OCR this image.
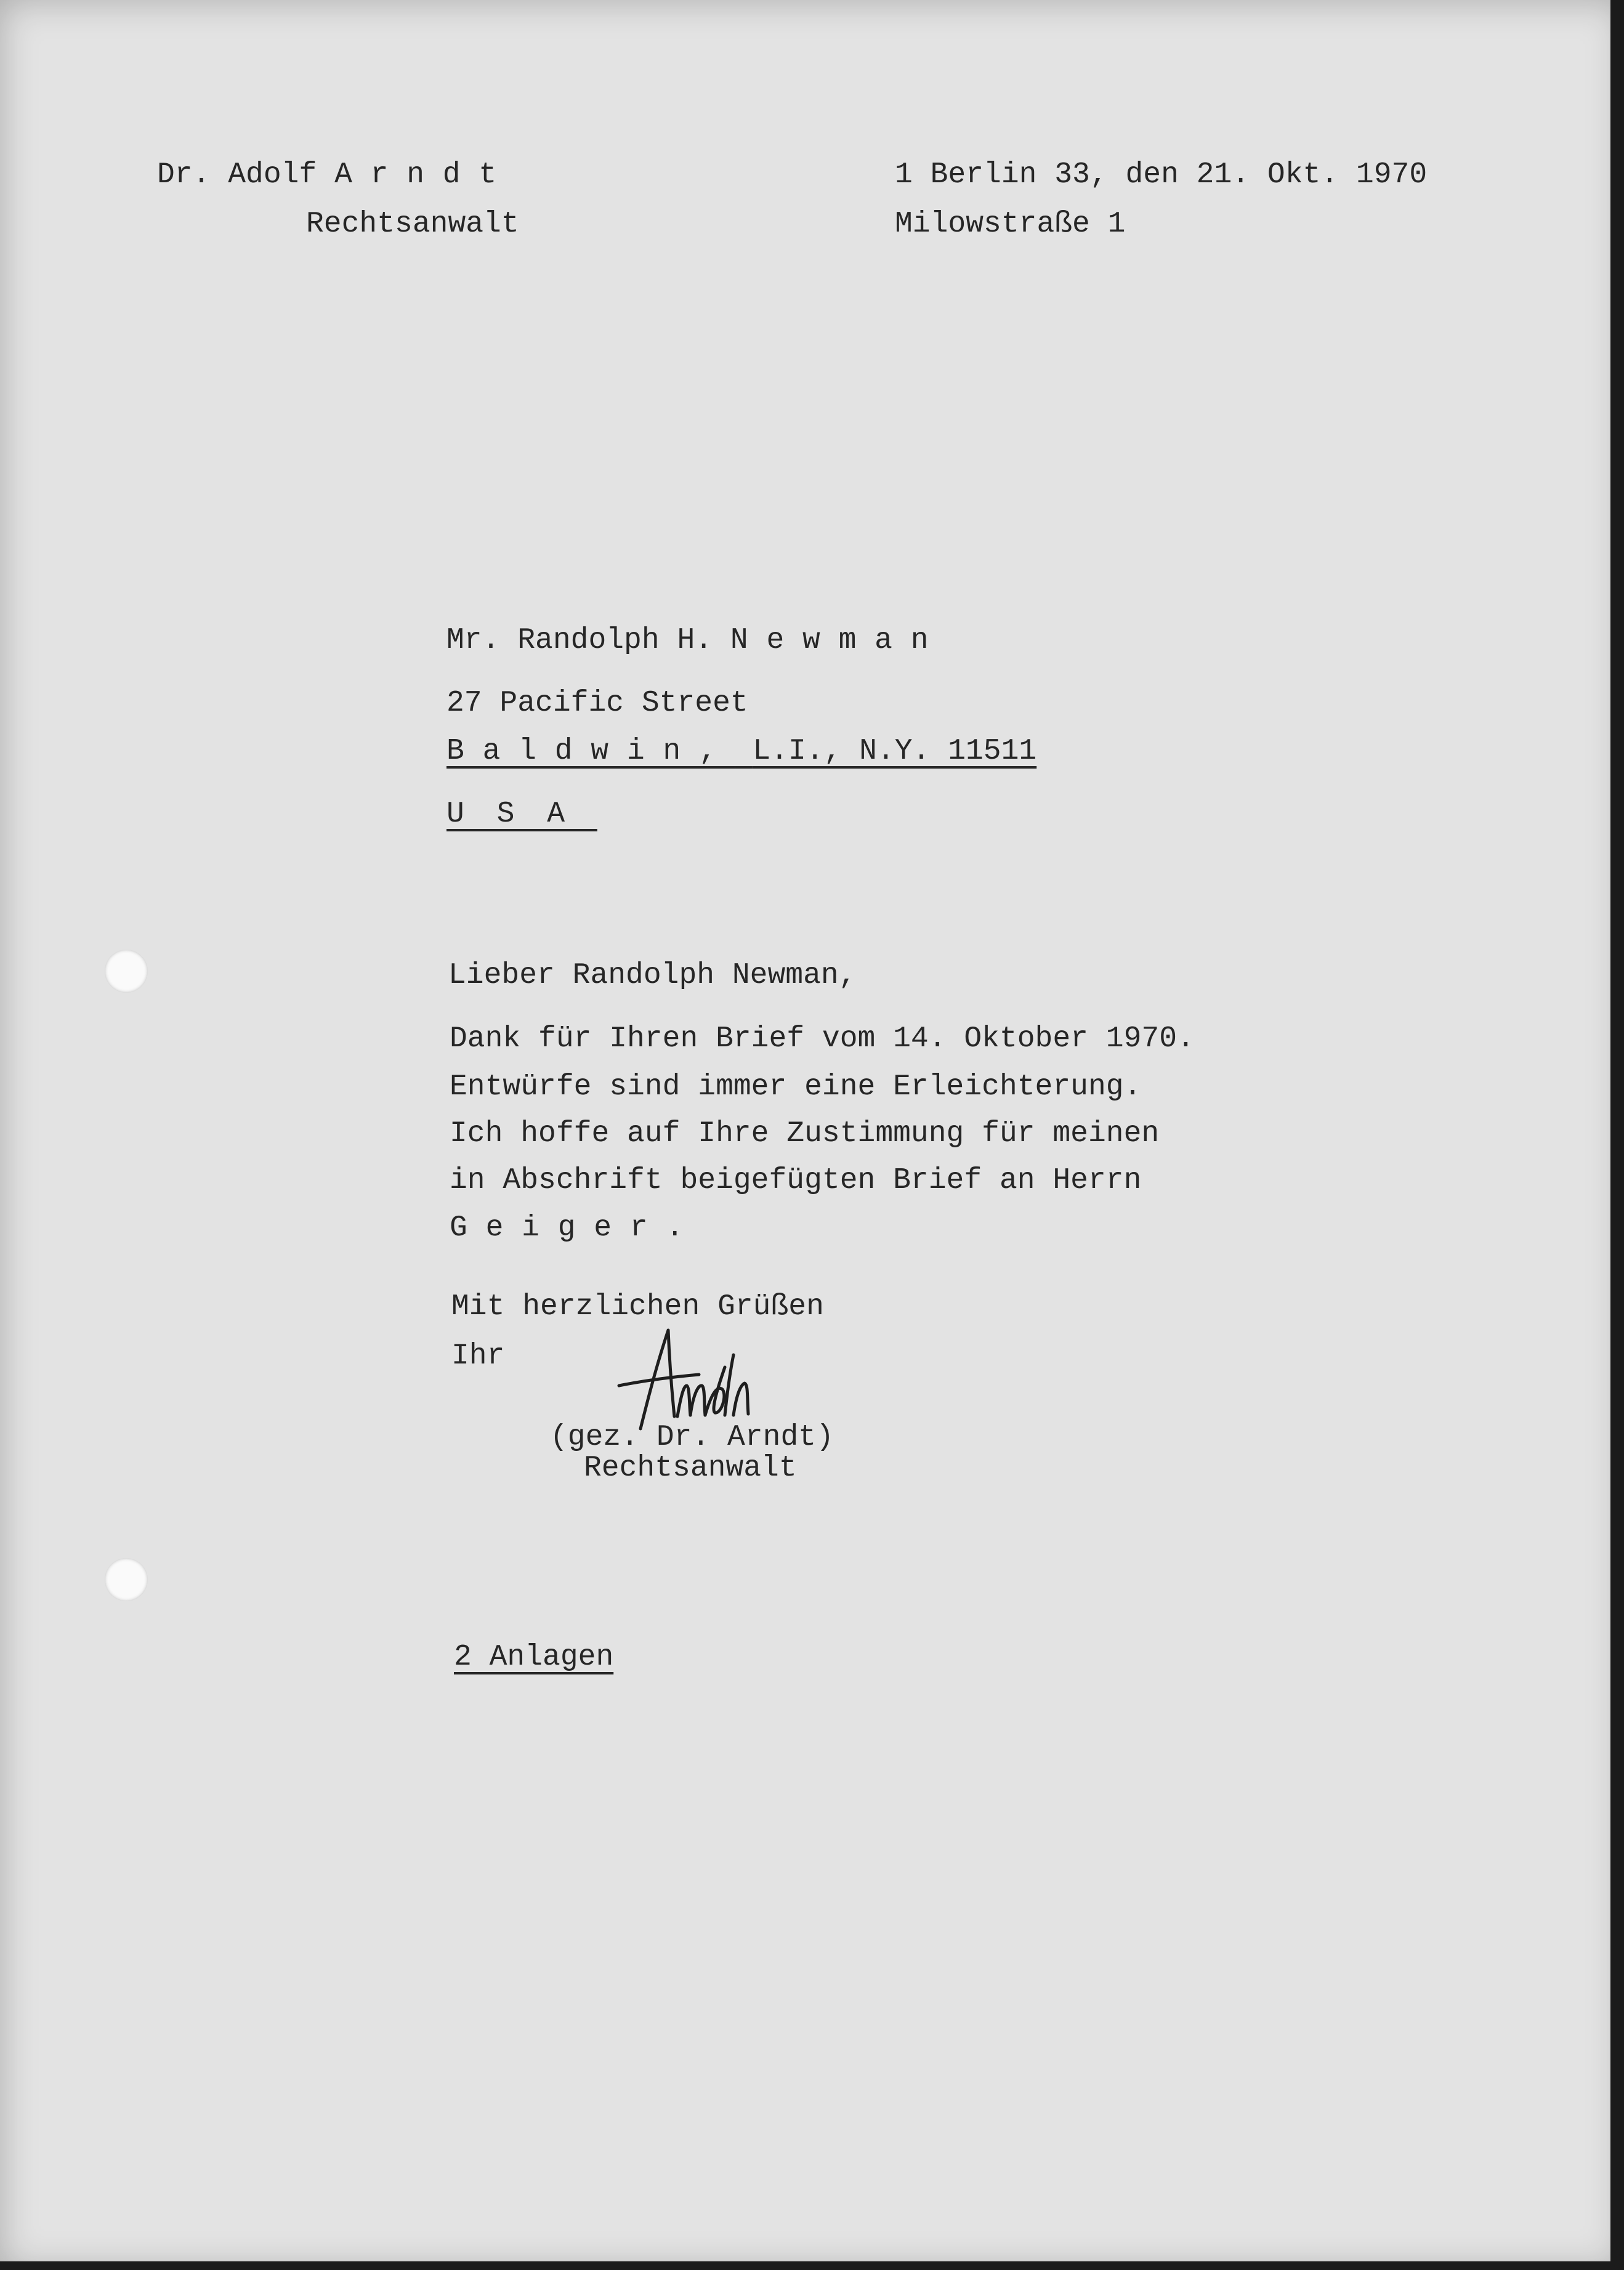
Dr. Adolf Arndt
Rechtsanwalt
1 Berlin 33, den 21. Okt. 1970
Milowstraße 1
Mr. Randolph H. Newman
27 Pacific Street
Baldwin, L.I., N.Y. 11511
USA
Lieber Randolph Newman,
Dank für Ihren Brief vom 14. Oktober 1970.
Entwürfe sind immer eine Erleichterung.
Ich hoffe auf Ihre Zustimmung für meinen
in Abschrift beigefügten Brief an Herrn
Geiger.
Mit herzlichen Grüßen
Ihr
(gez. Dr. Arndt)
Rechtsanwalt
2 Anlagen
